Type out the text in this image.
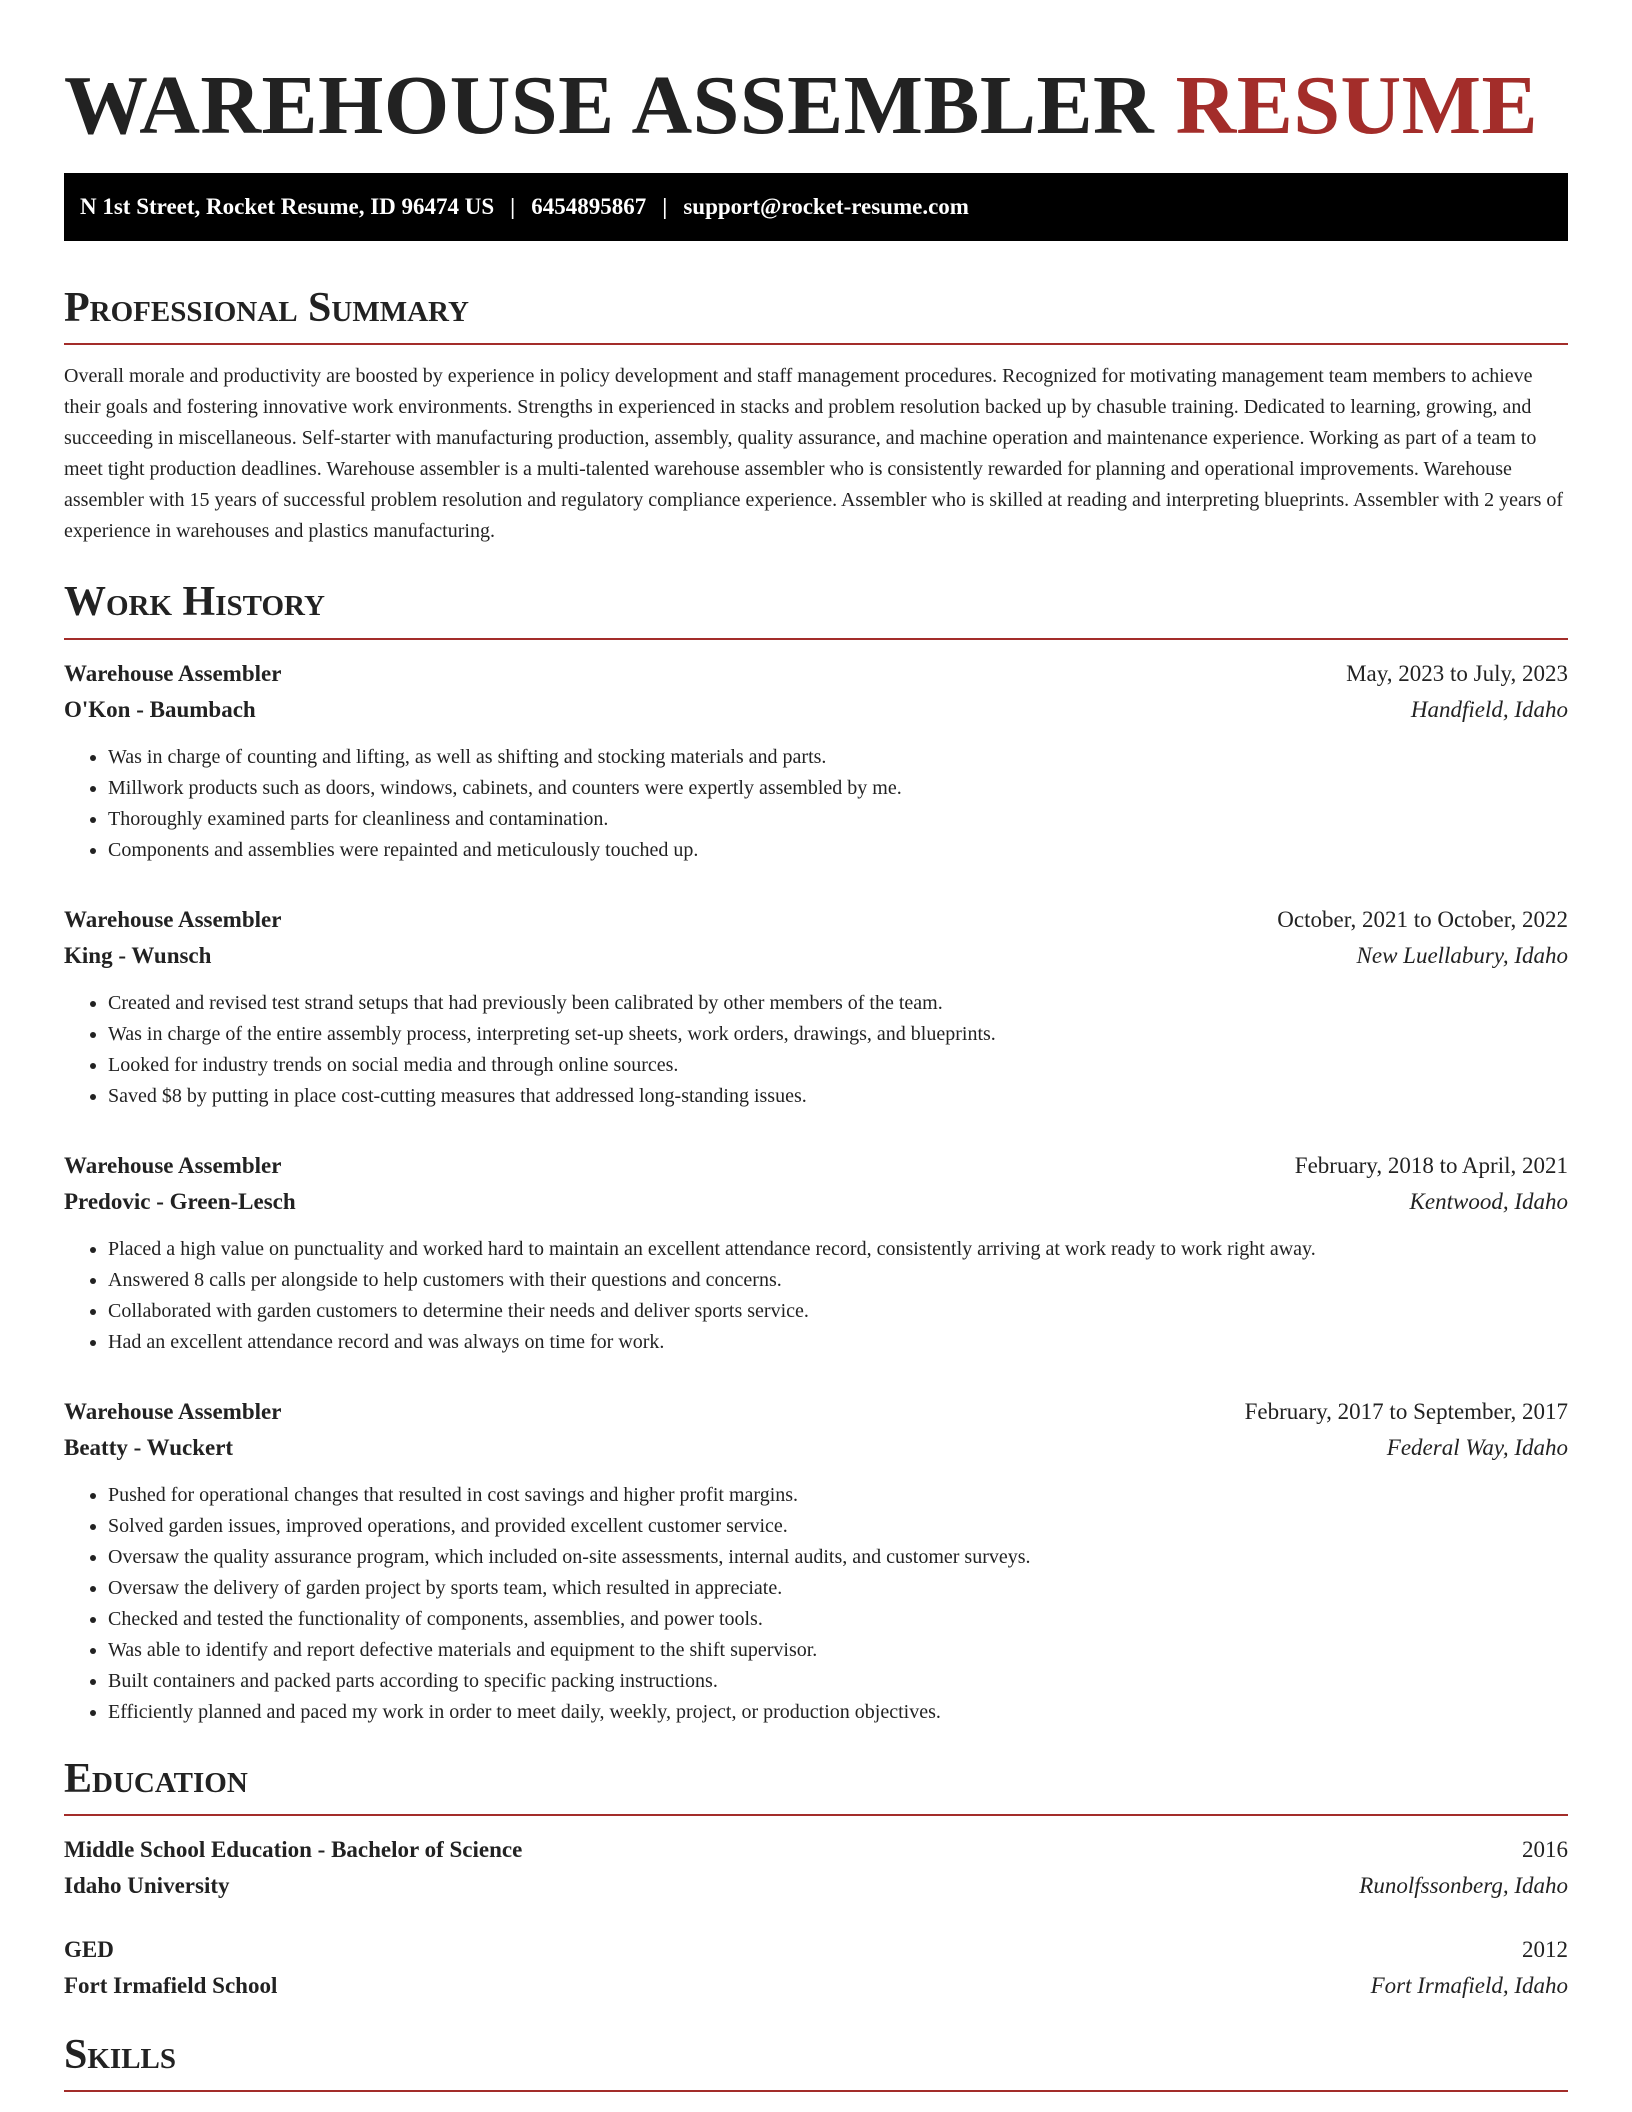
WAREHOUSE ASSEMBLER RESUME
N 1st Street, Rocket Resume, ID 96474 US | 6454895867 | support@rocket-resume.com
Professional Summary

Overall morale and productivity are boosted by experience in policy development and staff management procedures. Recognized for motivating management team members to achieve their goals and fostering innovative work environments. Strengths in experienced in stacks and problem resolution backed up by chasuble training. Dedicated to learning, growing, and succeeding in miscellaneous. Self-starter with manufacturing production, assembly, quality assurance, and machine operation and maintenance experience. Working as part of a team to meet tight production deadlines. Warehouse assembler is a multi-talented warehouse assembler who is consistently rewarded for planning and operational improvements. Warehouse assembler with 15 years of successful problem resolution and regulatory compliance experience. Assembler who is skilled at reading and interpreting blueprints. Assembler with 2 years of experience in warehouses and plastics manufacturing.

Work History
Warehouse Assembler	May, 2023 to July, 2023
O'Kon - Baumbach	Handfield, Idaho
• Was in charge of counting and lifting, as well as shifting and stocking materials and parts.
• Millwork products such as doors, windows, cabinets, and counters were expertly assembled by me.
• Thoroughly examined parts for cleanliness and contamination.
• Components and assemblies were repainted and meticulously touched up.
Warehouse Assembler	October, 2021 to October, 2022
King - Wunsch	New Luellabury, Idaho
• Created and revised test strand setups that had previously been calibrated by other members of the team.
• Was in charge of the entire assembly process, interpreting set-up sheets, work orders, drawings, and blueprints.
• Looked for industry trends on social media and through online sources.
• Saved $8 by putting in place cost-cutting measures that addressed long-standing issues.
Warehouse Assembler	February, 2018 to April, 2021
Predovic - Green-Lesch	Kentwood, Idaho
• Placed a high value on punctuality and worked hard to maintain an excellent attendance record, consistently arriving at work ready to work right away.
• Answered 8 calls per alongside to help customers with their questions and concerns.
• Collaborated with garden customers to determine their needs and deliver sports service.
• Had an excellent attendance record and was always on time for work.
Warehouse Assembler	February, 2017 to September, 2017
Beatty - Wuckert	Federal Way, Idaho
• Pushed for operational changes that resulted in cost savings and higher profit margins.
• Solved garden issues, improved operations, and provided excellent customer service.
• Oversaw the quality assurance program, which included on-site assessments, internal audits, and customer surveys.
• Oversaw the delivery of garden project by sports team, which resulted in appreciate.
• Checked and tested the functionality of components, assemblies, and power tools.
• Was able to identify and report defective materials and equipment to the shift supervisor.
• Built containers and packed parts according to specific packing instructions.
• Efficiently planned and paced my work in order to meet daily, weekly, project, or production objectives.
Education
Middle School Education - Bachelor of Science	2016
Idaho University	Runolfssonberg, Idaho
GED	2012
Fort Irmafield School	Fort Irmafield, Idaho
Skills
